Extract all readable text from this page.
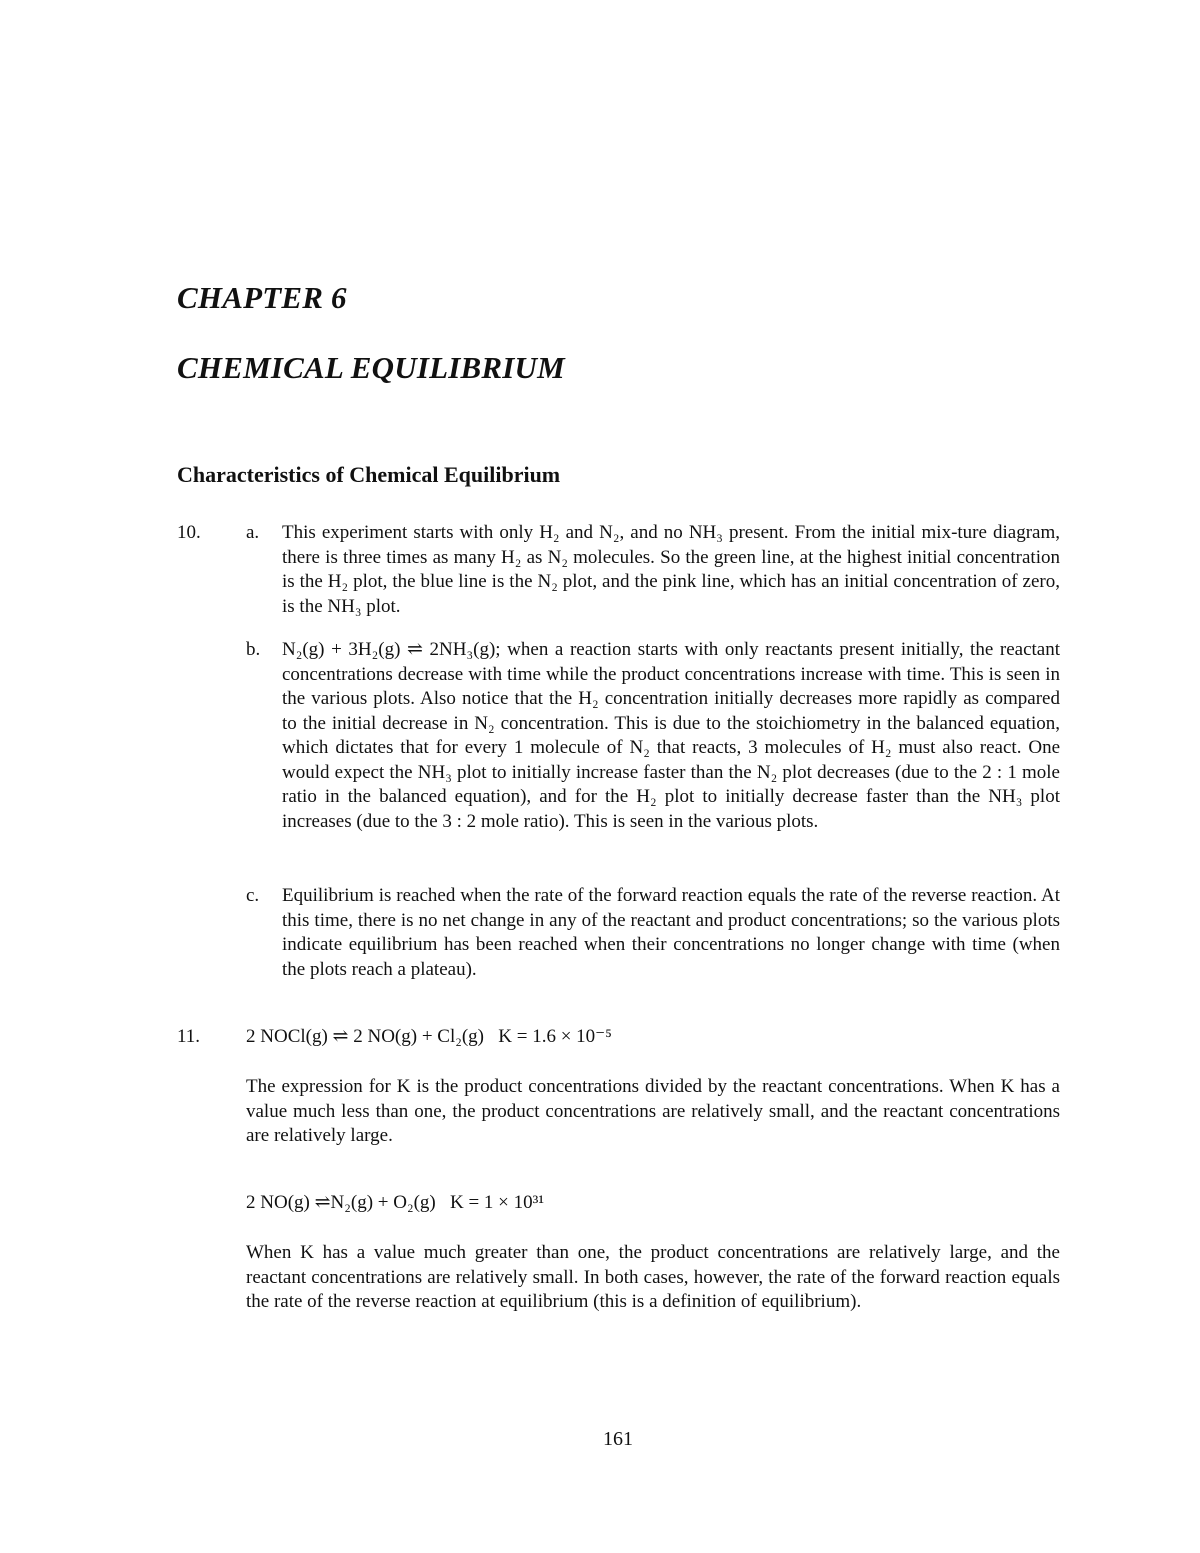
CHAPTER 6
CHEMICAL EQUILIBRIUM
Characteristics of Chemical Equilibrium
10. a. This experiment starts with only H₂ and N₂, and no NH₃ present. From the initial mix-ture diagram, there is three times as many H₂ as N₂ molecules. So the green line, at the highest initial concentration is the H₂ plot, the blue line is the N₂ plot, and the pink line, which has an initial concentration of zero, is the NH₃ plot.
b. N₂(g) + 3H₂(g) ⇌ 2NH₃(g); when a reaction starts with only reactants present initially, the reactant concentrations decrease with time while the product concentrations increase with time. This is seen in the various plots. Also notice that the H₂ concentration initially decreases more rapidly as compared to the initial decrease in N₂ concentration. This is due to the stoichiometry in the balanced equation, which dictates that for every 1 molecule of N₂ that reacts, 3 molecules of H₂ must also react. One would expect the NH₃ plot to initially increase faster than the N₂ plot decreases (due to the 2 : 1 mole ratio in the balanced equation), and for the H₂ plot to initially decrease faster than the NH₃ plot increases (due to the 3 : 2 mole ratio). This is seen in the various plots.
c. Equilibrium is reached when the rate of the forward reaction equals the rate of the reverse reaction. At this time, there is no net change in any of the reactant and product concentrations; so the various plots indicate equilibrium has been reached when their concentrations no longer change with time (when the plots reach a plateau).
11. 2 NOCl(g) ⇌ 2 NO(g) + Cl₂(g)   K = 1.6 × 10⁻⁵
The expression for K is the product concentrations divided by the reactant concentrations. When K has a value much less than one, the product concentrations are relatively small, and the reactant concentrations are relatively large.
2 NO(g) ⇌N₂(g) + O₂(g)   K = 1 × 10³¹
When K has a value much greater than one, the product concentrations are relatively large, and the reactant concentrations are relatively small. In both cases, however, the rate of the forward reaction equals the rate of the reverse reaction at equilibrium (this is a definition of equilibrium).
161
